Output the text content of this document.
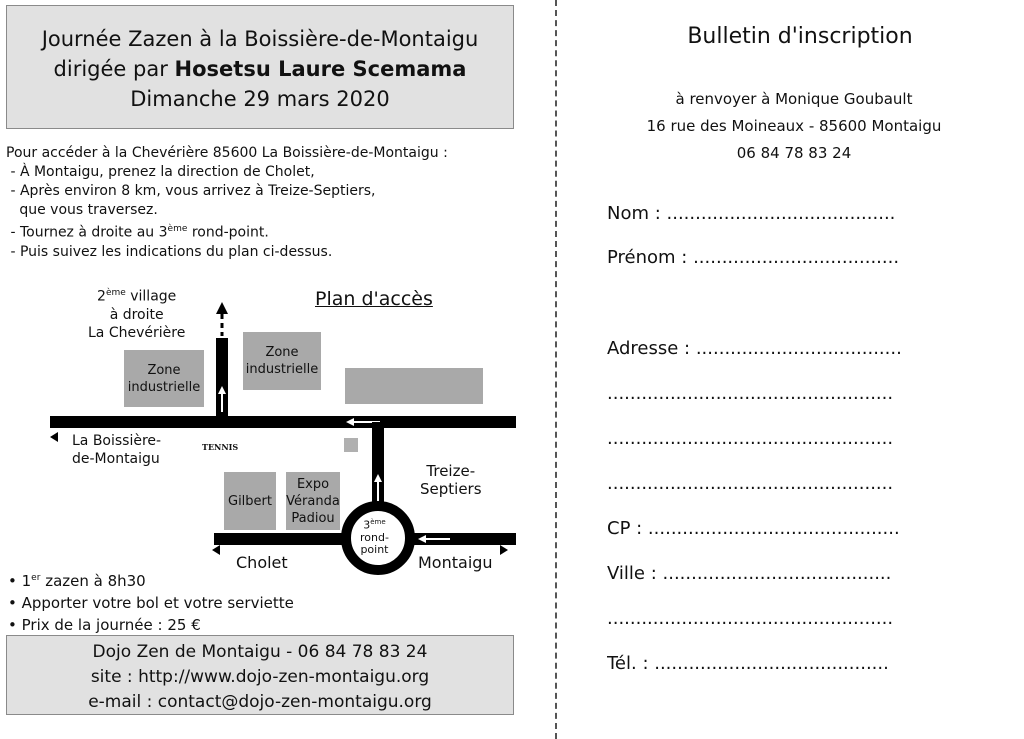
Journée Zazen à la Boissière-de-Montaigu
dirigée par Hosetsu Laure Scemama
Dimanche 29 mars 2020
Pour accéder à la Chevérière 85600 La Boissière-de-Montaigu :
- À Montaigu, prenez la direction de Cholet,
- Après environ 8 km, vous arrivez à Treize-Septiers,
que vous traversez.
- Tournez à droite au 3ème rond-point.
- Puis suivez les indications du plan ci-dessus.
2ème village
à droite
La Chevérière
Plan d'accès
Zone industrielle
Zone industrielle
La Boissière-
de-Montaigu
TENNIS
Treize-
Septiers
Gilbert
Expo
Véranda
Padiou	3ème
rond-
point
Cholet	Montaigu
• 1er zazen à 8h30
• Apporter votre bol et votre serviette
• Prix de la journée : 25 €
Dojo Zen de Montaigu - 06 84 78 83 24
site : http://www.dojo-zen-montaigu.org
e-mail : contact@dojo-zen-montaigu.org
Bulletin d'inscription
à renvoyer à Monique Goubault
16 rue des Moineaux - 85600 Montaigu
06 84 78 83 24
Nom : ........................................
Prénom : ....................................
Adresse : ....................................
..................................................
..................................................
..................................................
CP : ............................................
Ville : ........................................
..................................................
Tél. : .........................................
